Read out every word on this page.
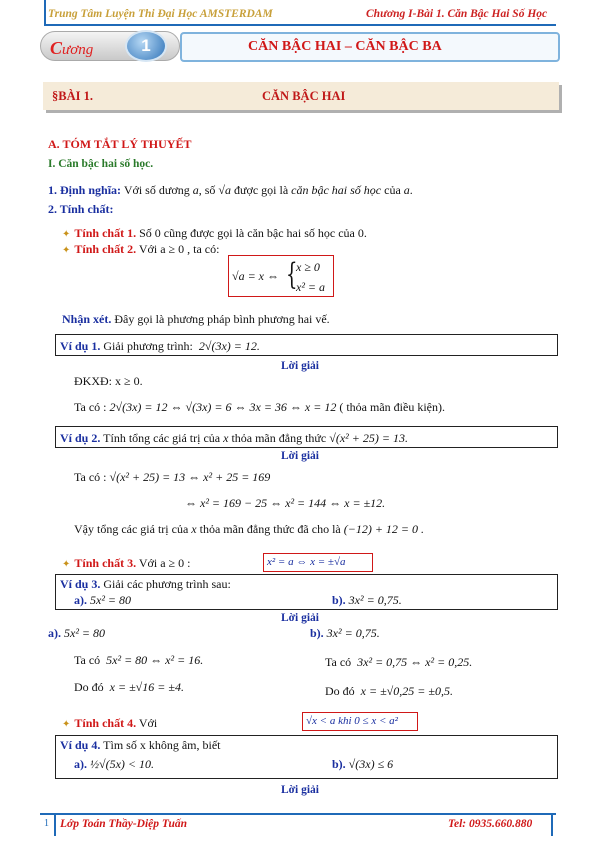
Trung Tâm Luyện Thi Đại Học AMSTERDAM	Chương I-Bài 1. Căn Bậc Hai Số Học
Cương	1	CĂN BẬC HAI – CĂN BẬC BA
§BÀI 1.	CĂN BẬC HAI
A. TÓM TẮT LÝ THUYẾT
I. Căn bậc hai số học.
1. Định nghĩa: Với số dương a, số √a được gọi là căn bậc hai số học của a.
2. Tính chất:
✦ Tính chất 1. Số 0 cũng được gọi là căn bậc hai số học của 0.
✦ Tính chất 2. Với a ≥ 0 , ta có:
√a = x ⇔ {
x ≥ 0
x² = a
Nhận xét. Đây gọi là phương pháp bình phương hai vế.
Ví dụ 1. Giải phương trình: 2√(3x) = 12.
Lời giải
ĐKXĐ: x ≥ 0.
Ta có : 2√(3x) = 12 ⇔ √(3x) = 6 ⇔ 3x = 36 ⇔ x = 12 ( thỏa mãn điều kiện).
Ví dụ 2. Tính tổng các giá trị của x thỏa mãn đẳng thức √(x² + 25) = 13.
Lời giải
Ta có : √(x² + 25) = 13 ⇔ x² + 25 = 169
⇔ x² = 169 − 25 ⇔ x² = 144 ⇔ x = ±12.
Vậy tổng các giá trị của x thỏa mãn đẳng thức đã cho là (−12) + 12 = 0 .
✦ Tính chất 3. Với a ≥ 0 :	x² = a ⇔ x = ±√a
Ví dụ 3. Giải các phương trình sau:
a). 5x² = 80	b). 3x² = 0,75.
Lời giải
a). 5x² = 80	b). 3x² = 0,75.
Ta có 5x² = 80 ⇔ x² = 16.	Ta có 3x² = 0,75 ⇔ x² = 0,25.
Do đó x = ±√16 = ±4.	Do đó x = ±√0,25 = ±0,5.
✦ Tính chất 4. Với	√x < a khi 0 ≤ x < a²
Ví dụ 4. Tìm số x không âm, biết
a). ½√(5x) < 10.	b). √(3x) ≤ 6
Lời giải
1 Lớp Toán Thầy-Diệp Tuấn	Tel: 0935.660.880
